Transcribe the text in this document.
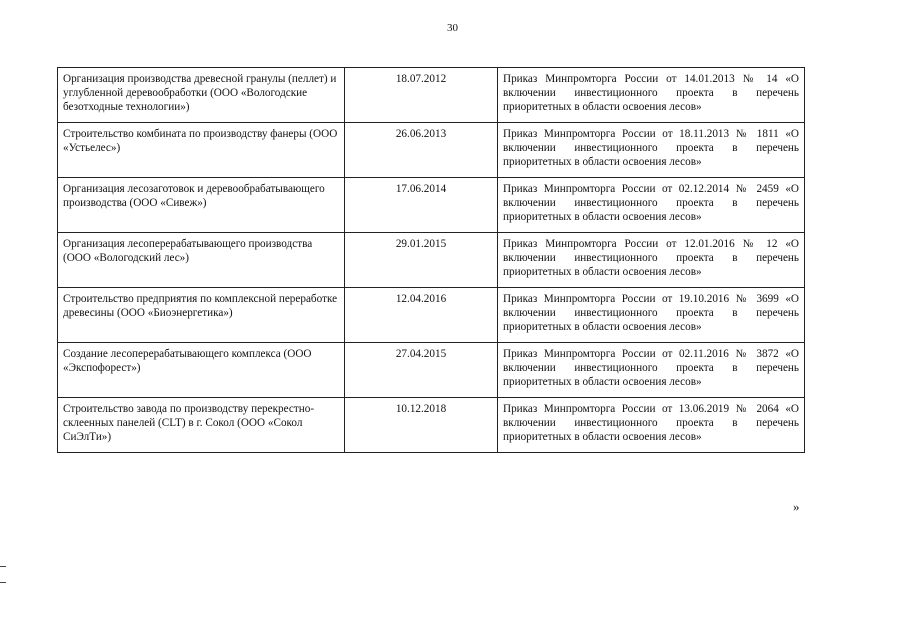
30
Организация производства древесной гранулы (пеллет) и углубленной деревообработки (ООО «Вологодские безотходные технологии»)	18.07.2012	Приказ Минпромторга России от 14.01.2013 № 14 «О включении инвестиционного проекта в перечень приоритетных в области освоения лесов»
Строительство комбината по производству фанеры (ООО «Устьелес»)	26.06.2013	Приказ Минпромторга России от 18.11.2013 № 1811 «О включении инвестиционного проекта в перечень приоритетных в области освоения лесов»
Организация лесозаготовок и деревообрабатывающего производства (ООО «Сивеж»)	17.06.2014	Приказ Минпромторга России от 02.12.2014 № 2459 «О включении инвестиционного проекта в перечень приоритетных в области освоения лесов»
Организация лесоперерабатывающего производства (ООО «Вологодский лес»)	29.01.2015	Приказ Минпромторга России от 12.01.2016 № 12 «О включении инвестиционного проекта в перечень приоритетных в области освоения лесов»
Строительство предприятия по комплексной переработке древесины (ООО «Биоэнергетика»)	12.04.2016	Приказ Минпромторга России от 19.10.2016 № 3699 «О включении инвестиционного проекта в перечень приоритетных в области освоения лесов»
Создание лесоперерабатывающего комплекса (ООО «Экспофорест»)	27.04.2015	Приказ Минпромторга России от 02.11.2016 № 3872 «О включении инвестиционного проекта в перечень приоритетных в области освоения лесов»
Строительство завода по производству перекрестно-склеенных панелей (CLT) в г. Сокол (ООО «Сокол СиЭлТи»)	10.12.2018	Приказ Минпромторга России от 13.06.2019 № 2064 «О включении инвестиционного проекта в перечень приоритетных в области освоения лесов»
»
